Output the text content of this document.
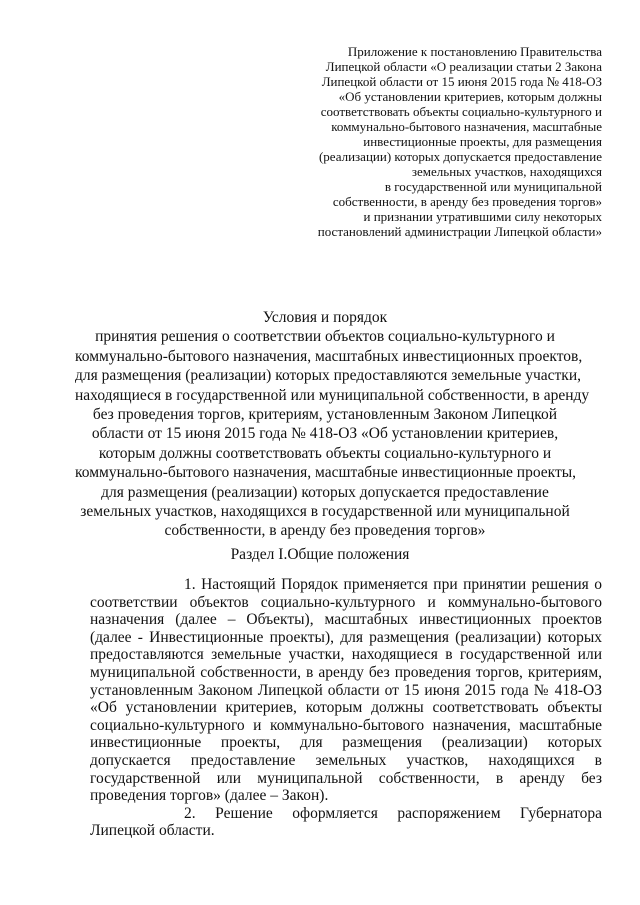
Приложение к постановлению Правительства
Липецкой области «О реализации статьи 2 Закона
Липецкой области от 15 июня 2015 года № 418-ОЗ
«Об установлении критериев, которым должны
соответствовать объекты социально-культурного и
коммунально-бытового назначения, масштабные
инвестиционные проекты, для размещения
(реализации) которых допускается предоставление
земельных участков, находящихся
в государственной или муниципальной
собственности, в аренду без проведения торгов»
и признании утратившими силу некоторых
постановлений администрации Липецкой области»
Условия и порядок
принятия решения о соответствии объектов социально-культурного и
коммунально-бытового назначения, масштабных инвестиционных проектов,
для размещения (реализации) которых предоставляются земельные участки,
находящиеся в государственной или муниципальной собственности, в аренду
без проведения торгов, критериям, установленным Законом Липецкой
области от 15 июня 2015 года № 418-ОЗ «Об установлении критериев,
которым должны соответствовать объекты социально-культурного и
коммунально-бытового назначения, масштабные инвестиционные проекты,
для размещения (реализации) которых допускается предоставление
земельных участков, находящихся в государственной или муниципальной
собственности, в аренду без проведения торгов»
Раздел I.Общие положения

1. Настоящий Порядок применяется при принятии решения о соответствии объектов социально-культурного и коммунально-бытового назначения (далее – Объекты), масштабных инвестиционных проектов (далее - Инвестиционные проекты), для размещения (реализации) которых предоставляются земельные участки, находящиеся в государственной или муниципальной собственности, в аренду без проведения торгов, критериям, установленным Законом Липецкой области от 15 июня 2015 года № 418-ОЗ «Об установлении критериев, которым должны соответствовать объекты социально-культурного и коммунально-бытового назначения, масштабные инвестиционные проекты, для размещения (реализации) которых допускается предоставление земельных участков, находящихся в государственной или муниципальной собственности, в аренду без проведения торгов» (далее – Закон).

2. Решение оформляется распоряжением Губернатора Липецкой области.
